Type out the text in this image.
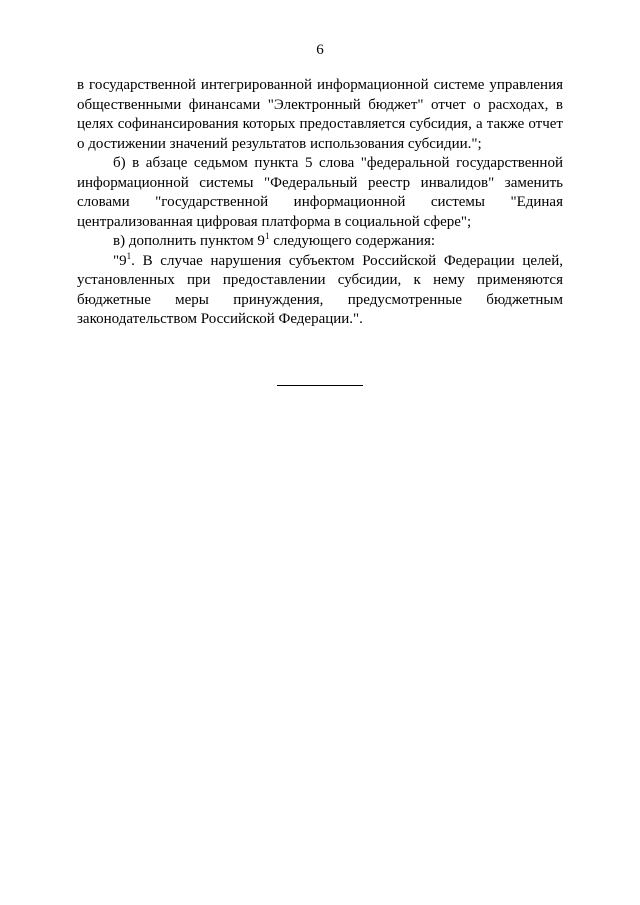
6

в государственной интегрированной информационной системе управления общественными финансами "Электронный бюджет" отчет о расходах, в целях софинансирования которых предоставляется субсидия, а также отчет о достижении значений результатов использования субсидии.";

б) в абзаце седьмом пункта 5 слова "федеральной государственной информационной системы "Федеральный реестр инвалидов" заменить словами "государственной информационной системы "Единая централизованная цифровая платформа в социальной сфере";

в) дополнить пунктом $9^1$ следующего содержания:

"$9^1$. В случае нарушения субъектом Российской Федерации целей, установленных при предоставлении субсидии, к нему применяются бюджетные меры принуждения, предусмотренные бюджетным законодательством Российской Федерации.".
